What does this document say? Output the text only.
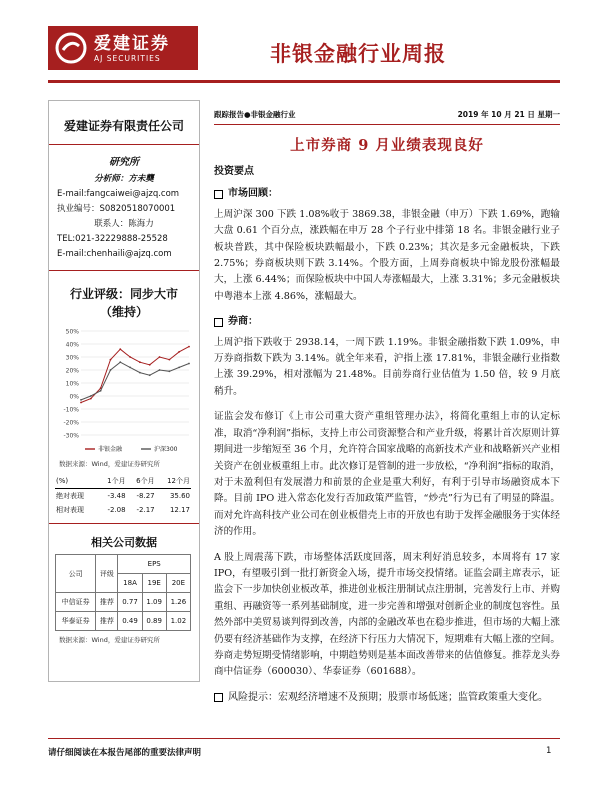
爱建证券
AJ SECURITIES	非银金融行业周报
爱建证券有限责任公司
研究所
分析师：方未龑
E-mail:fangcaiwei@ajzq.com
执业编号：S0820518070001
联系人：陈海力
TEL:021-32229888-25528
E-mail:chenhaili@ajzq.com
行业评级：同步大市
（维持）
50%
40%
30%
20%
10%
0%
-10%
-20%
-30%
非银金融	沪深300
数据来源：Wind，爱建证券研究所
(%)	1个月	6个月	12个月
绝对表现	-3.48	-8.27	35.60
相对表现	-2.08	-2.17	12.17
相关公司数据
公司	评级	EPS		
		18A	19E	20E
中信证券	推荐	0.77	1.09	1.26
华泰证券	推荐	0.49	0.89	1.02
数据来源：Wind，爱建证券研究所
跟踪报告●非银金融行业	2019 年 10 月 21 日 星期一
上市券商 9 月业绩表现良好
投资要点
市场回顾：

上周沪深 300 下跌 1.08%收于 3869.38，非银金融（申万）下跌 1.69%，跑输大盘 0.61 个百分点，涨跌幅在申万 28 个子行业中排第 18 名。非银金融行业子板块普跌，其中保险板块跌幅最小，下跌 0.23%；其次是多元金融板块，下跌 2.75%；券商板块则下跌 3.14%。个股方面，上周券商板块中锦龙股份涨幅最大，上涨 6.44%；而保险板块中中国人寿涨幅最大，上涨 3.31%；多元金融板块中粤港本上涨 4.86%，涨幅最大。

券商：

上周沪指下跌收于 2938.14，一周下跌 1.19%。非银金融指数下跌 1.09%，申万券商指数下跌为 3.14%。就全年来看，沪指上涨 17.81%，非银金融行业指数上涨 39.29%，相对涨幅为 21.48%。目前券商行业估值为 1.50 倍，较 9 月底稍升。

证监会发布修订《上市公司重大资产重组管理办法》，将简化重组上市的认定标准，取消“净利润”指标，支持上市公司资源整合和产业升级，将累计首次原则计算期间进一步缩短至 36 个月，允许符合国家战略的高新技术产业和战略新兴产业相关资产在创业板重组上市。此次修订是管制的进一步放松，“净利润”指标的取消，对于未盈利但有发展潜力和前景的企业是重大利好，有利于引导市场融资成本下降。目前 IPO 进入常态化发行否加政策严监管，“炒壳”行为已有了明显的降温。而对允许高科技产业公司在创业板借壳上市的开放也有助于发挥金融服务于实体经济的作用。

A 股上周震荡下跌，市场整体活跃度回落，周末利好消息较多，本周将有 17 家 IPO，有望吸引到一批打新资金入场，提升市场交投情绪。证监会副主席表示，证监会下一步加快创业板改革，推进创业板注册制试点注册制，完善发行上市、并购重组、再融资等一系列基础制度，进一步完善和增强对创新企业的制度包容性。虽然外部中美贸易谈判得到改善，内部的金融改革也在稳步推进，但市场的大幅上涨仍要有经济基础作为支撑，在经济下行压力大情况下，短期难有大幅上涨的空间。券商走势短期受情绪影响，中期趋势则是基本面改善带来的估值修复。推荐龙头券商中信证券（600030）、华泰证券（601688）。

风险提示：宏观经济增速不及预期；股票市场低迷；监管政策重大变化。
请仔细阅读在本报告尾部的重要法律声明	1
